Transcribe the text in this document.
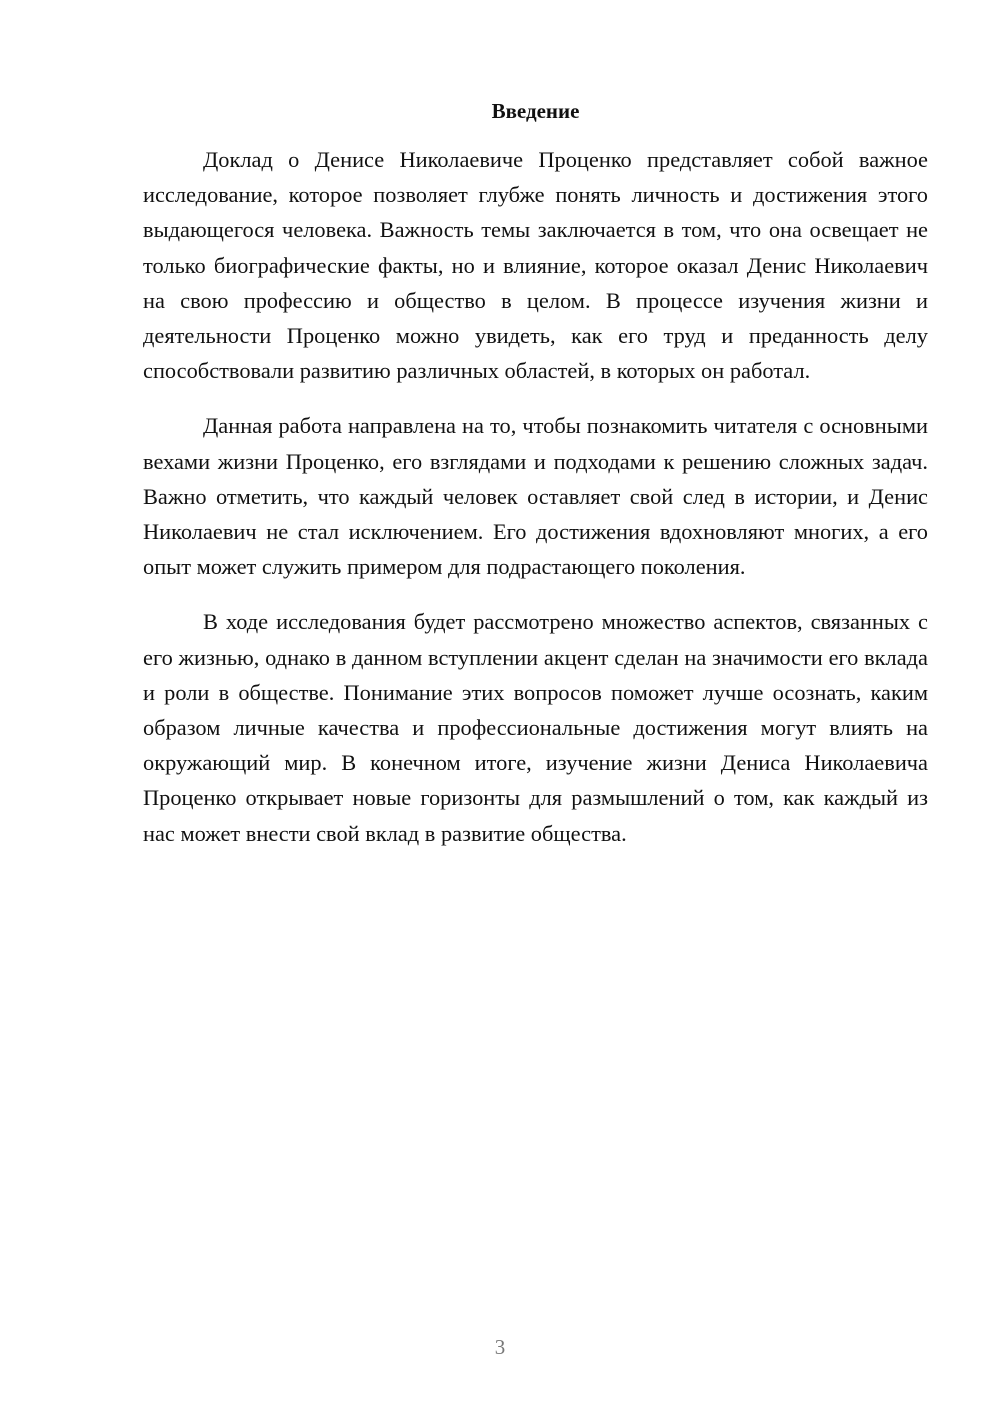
Введение

Доклад о Денисе Николаевиче Проценко представляет собой важное исследование, которое позволяет глубже понять личность и достижения этого выдающегося человека. Важность темы заключается в том, что она освещает не только биографические факты, но и влияние, которое оказал Денис Николаевич на свою профессию и общество в целом. В процессе изучения жизни и деятельности Проценко можно увидеть, как его труд и преданность делу способствовали развитию различных областей, в которых он работал.

Данная работа направлена на то, чтобы познакомить читателя с основными вехами жизни Проценко, его взглядами и подходами к решению сложных задач. Важно отметить, что каждый человек оставляет свой след в истории, и Денис Николаевич не стал исключением. Его достижения вдохновляют многих, а его опыт может служить примером для подрастающего поколения.

В ходе исследования будет рассмотрено множество аспектов, связанных с его жизнью, однако в данном вступлении акцент сделан на значимости его вклада и роли в обществе. Понимание этих вопросов поможет лучше осознать, каким образом личные качества и профессиональные достижения могут влиять на окружающий мир. В конечном итоге, изучение жизни Дениса Николаевича Проценко открывает новые горизонты для размышлений о том, как каждый из нас может внести свой вклад в развитие общества.

3
